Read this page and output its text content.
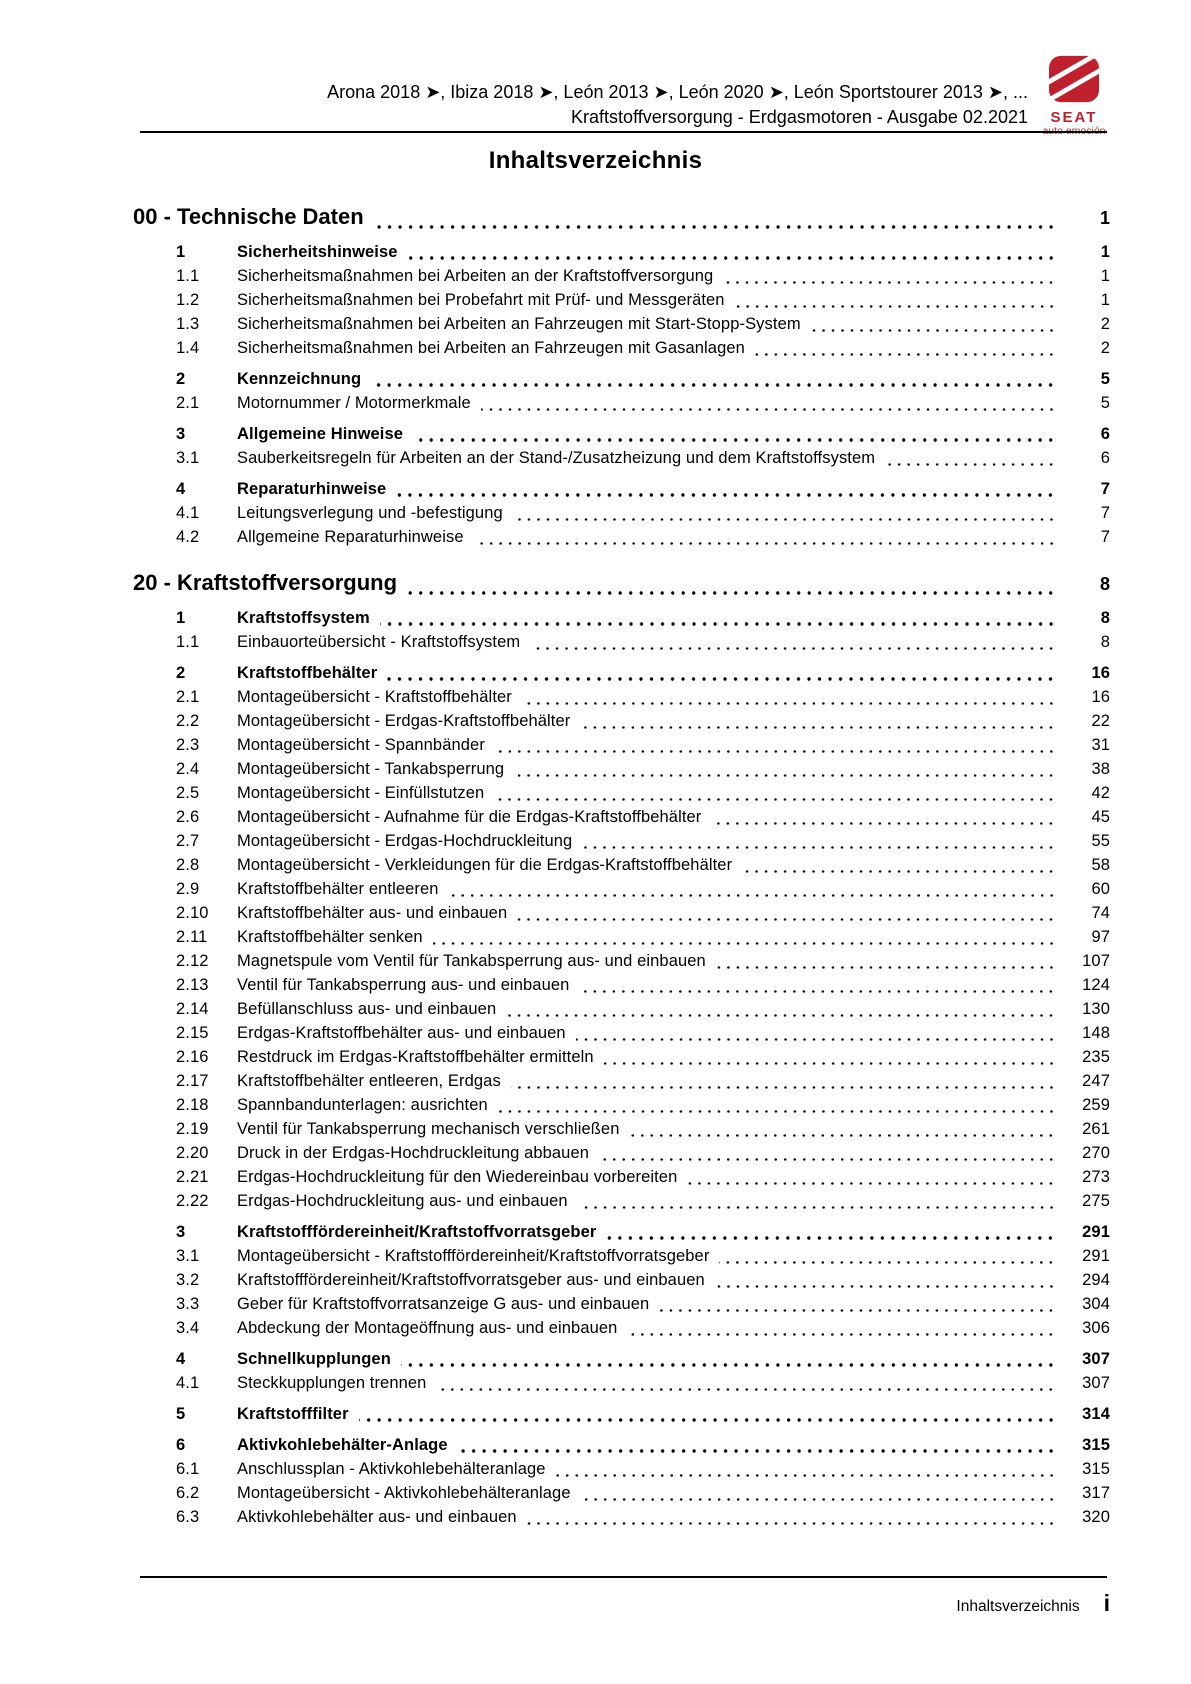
Arona 2018 ➤, Ibiza 2018 ➤, León 2013 ➤, León 2020 ➤, León Sportstourer 2013 ➤, ...
Kraftstoffversorgung - Erdgasmotoren - Ausgabe 02.2021	SEAT
Inhaltsverzeichnis
00 - Technische Daten	1
1	Sicherheitshinweise	1
1.1	Sicherheitsmaßnahmen bei Arbeiten an der Kraftstoffversorgung	1
1.2	Sicherheitsmaßnahmen bei Probefahrt mit Prüf- und Messgeräten	1
1.3	Sicherheitsmaßnahmen bei Arbeiten an Fahrzeugen mit Start-Stopp-System	2
1.4	Sicherheitsmaßnahmen bei Arbeiten an Fahrzeugen mit Gasanlagen	2
2	Kennzeichnung	5
2.1	Motornummer / Motormerkmale	5
3	Allgemeine Hinweise	6
3.1	Sauberkeitsregeln für Arbeiten an der Stand-/Zusatzheizung und dem Kraftstoffsystem	6
4	Reparaturhinweise	7
4.1	Leitungsverlegung und -befestigung	7
4.2	Allgemeine Reparaturhinweise	7
20 - Kraftstoffversorgung	8
1	Kraftstoffsystem	8
1.1	Einbauorteübersicht - Kraftstoffsystem	8
2	Kraftstoffbehälter	16
2.1	Montageübersicht - Kraftstoffbehälter	16
2.2	Montageübersicht - Erdgas-Kraftstoffbehälter	22
2.3	Montageübersicht - Spannbänder	31
2.4	Montageübersicht - Tankabsperrung	38
2.5	Montageübersicht - Einfüllstutzen	42
2.6	Montageübersicht - Aufnahme für die Erdgas-Kraftstoffbehälter	45
2.7	Montageübersicht - Erdgas-Hochdruckleitung	55
2.8	Montageübersicht - Verkleidungen für die Erdgas-Kraftstoffbehälter	58
2.9	Kraftstoffbehälter entleeren	60
2.10	Kraftstoffbehälter aus- und einbauen	74
2.11	Kraftstoffbehälter senken	97
2.12	Magnetspule vom Ventil für Tankabsperrung aus- und einbauen	107
2.13	Ventil für Tankabsperrung aus- und einbauen	124
2.14	Befüllanschluss aus- und einbauen	130
2.15	Erdgas-Kraftstoffbehälter aus- und einbauen	148
2.16	Restdruck im Erdgas-Kraftstoffbehälter ermitteln	235
2.17	Kraftstoffbehälter entleeren, Erdgas	247
2.18	Spannbandunterlagen: ausrichten	259
2.19	Ventil für Tankabsperrung mechanisch verschließen	261
2.20	Druck in der Erdgas-Hochdruckleitung abbauen	270
2.21	Erdgas-Hochdruckleitung für den Wiedereinbau vorbereiten	273
2.22	Erdgas-Hochdruckleitung aus- und einbauen	275
3	Kraftstofffördereinheit/Kraftstoffvorratsgeber	291
3.1	Montageübersicht - Kraftstofffördereinheit/Kraftstoffvorratsgeber	291
3.2	Kraftstofffördereinheit/Kraftstoffvorratsgeber aus- und einbauen	294
3.3	Geber für Kraftstoffvorratsanzeige G aus- und einbauen	304
3.4	Abdeckung der Montageöffnung aus- und einbauen	306
4	Schnellkupplungen	307
4.1	Steckkupplungen trennen	307
5	Kraftstofffilter	314
6	Aktivkohlebehälter-Anlage	315
6.1	Anschlussplan - Aktivkohlebehälteranlage	315
6.2	Montageübersicht - Aktivkohlebehälteranlage	317
6.3	Aktivkohlebehälter aus- und einbauen	320
Inhaltsverzeichnis i
